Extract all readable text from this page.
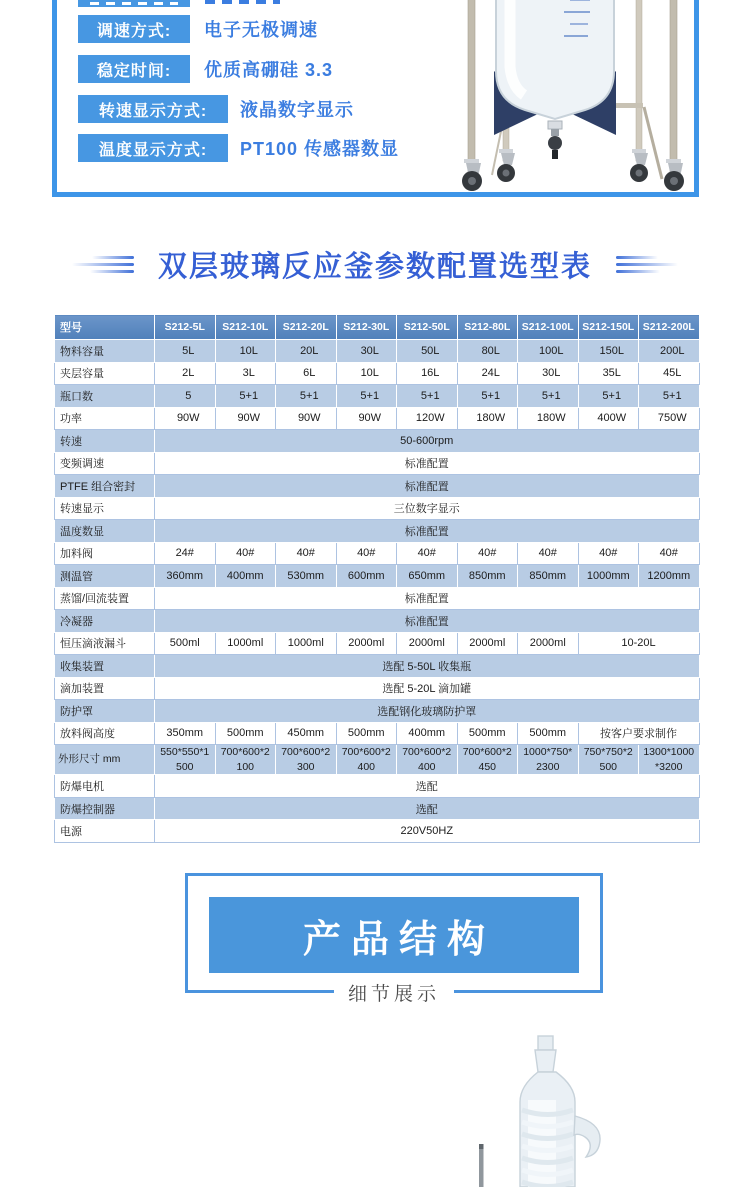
调速方式:	电子无极调速
稳定时间:	优质高硼硅 3.3
转速显示方式:	液晶数字显示
温度显示方式:	PT100 传感器数显
双层玻璃反应釜参数配置选型表
型号	S212-5L	S212-10L	S212-20L	S212-30L	S212-50L	S212-80L	S212-100L	S212-150L	S212-200L
物料容量	5L	10L	20L	30L	50L	80L	100L	150L	200L
夹层容量	2L	3L	6L	10L	16L	24L	30L	35L	45L
瓶口数	5	5+1	5+1	5+1	5+1	5+1	5+1	5+1	5+1
功率	90W	90W	90W	90W	120W	180W	180W	400W	750W
转速	50-600rpm								
变频调速	标准配置								
PTFE 组合密封	标准配置								
转速显示	三位数字显示								
温度数显	标准配置								
加料阀	24#	40#	40#	40#	40#	40#	40#	40#	40#
测温管	360mm	400mm	530mm	600mm	650mm	850mm	850mm	1000mm	1200mm
蒸馏/回流装置	标准配置								
冷凝器	标准配置								
恒压滴液漏斗	500ml	1000ml	1000ml	2000ml	2000ml	2000ml	2000ml	10-20L	
收集装置	选配 5-50L 收集瓶								
滴加装置	选配 5-20L 滴加罐								
防护罩	选配钢化玻璃防护罩								
放料阀高度	350mm	500mm	450mm	500mm	400mm	500mm	500mm	按客户要求制作	
外形尺寸 mm	550*550*1500	700*600*2100	700*600*2300	700*600*2400	700*600*2400	700*600*2450	1000*750*2300	750*750*2500	1300*1000*3200
防爆电机	选配								
防爆控制器	选配								
电源	220V50HZ								
产品结构
细节展示
